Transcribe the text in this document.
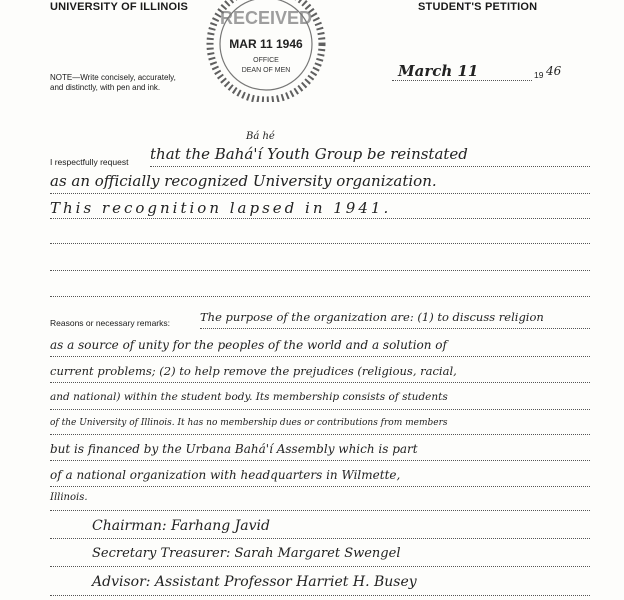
UNIVERSITY OF ILLINOIS	STUDENT'S PETITION
NOTE—Write concisely, accurately,
and distinctly, with pen and ink.
RECEIVED
MAR 11 1946
OFFICE
DEAN OF MEN	March 11	19 46
Bá hé
I respectfully request that the Bahá'í Youth Group be reinstated
as an officially recognized University organization.
This recognition lapsed in 1941.
Reasons or necessary remarks:	The purpose of the organization are: (1) to discuss religion
as a source of unity for the peoples of the world and a solution of
current problems; (2) to help remove the prejudices (religious, racial,
and national) within the student body. Its membership consists of students
of the University of Illinois. It has no membership dues or contributions from members
but is financed by the Urbana Bahá'í Assembly which is part
of a national organization with headquarters in Wilmette,
Illinois.
Chairman: Farhang Javid
Secretary Treasurer: Sarah Margaret Swengel
Advisor: Assistant Professor Harriet H. Busey
